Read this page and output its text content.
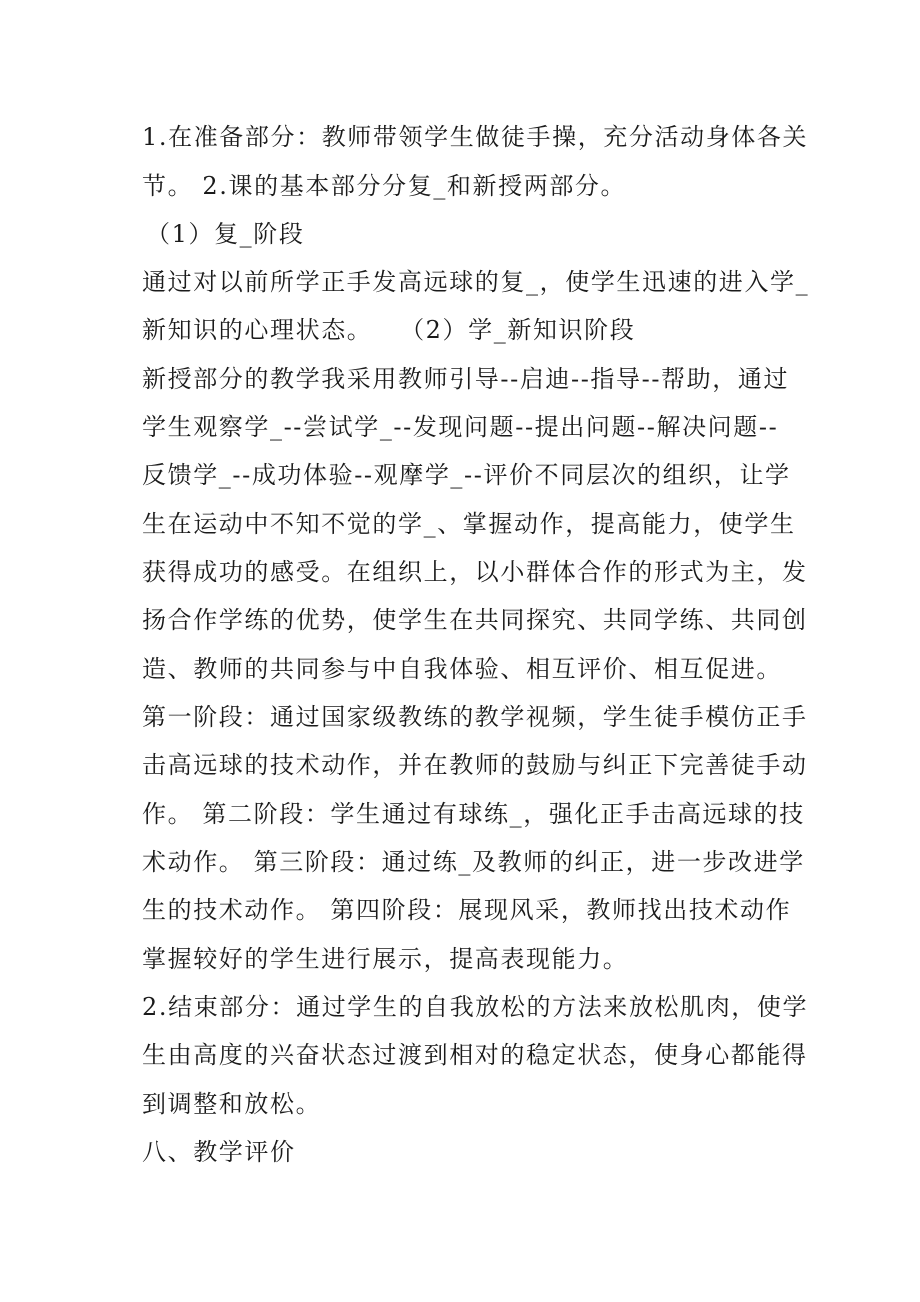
1.在准备部分：教师带领学生做徒手操，充分活动身体各关
节。 2.课的基本部分分复_和新授两部分。
（1）复_阶段
通过对以前所学正手发高远球的复_，使学生迅速的进入学_
新知识的心理状态。   （2）学_新知识阶段
新授部分的教学我采用教师引导--启迪--指导--帮助，通过
学生观察学_--尝试学_--发现问题--提出问题--解决问题--
反馈学_--成功体验--观摩学_--评价不同层次的组织，让学
生在运动中不知不觉的学_、掌握动作，提高能力，使学生
获得成功的感受。在组织上，以小群体合作的形式为主，发
扬合作学练的优势，使学生在共同探究、共同学练、共同创
造、教师的共同参与中自我体验、相互评价、相互促进。
第一阶段：通过国家级教练的教学视频，学生徒手模仿正手
击高远球的技术动作，并在教师的鼓励与纠正下完善徒手动
作。 第二阶段：学生通过有球练_，强化正手击高远球的技
术动作。 第三阶段：通过练_及教师的纠正，进一步改进学
生的技术动作。 第四阶段：展现风采，教师找出技术动作
掌握较好的学生进行展示，提高表现能力。
2.结束部分：通过学生的自我放松的方法来放松肌肉，使学
生由高度的兴奋状态过渡到相对的稳定状态，使身心都能得
到调整和放松。
八、教学评价
